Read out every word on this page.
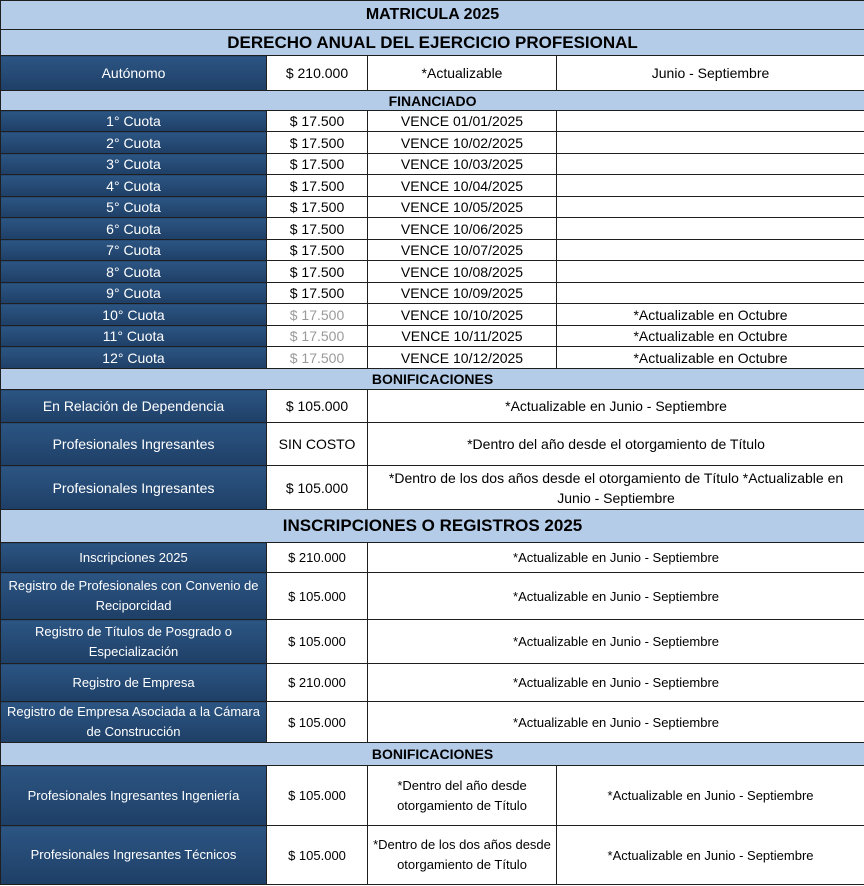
MATRICULA 2025			
DERECHO ANUAL DEL EJERCICIO PROFESIONAL			
Autónomo	$ 210.000	*Actualizable	Junio - Septiembre
FINANCIADO			
1° Cuota	$ 17.500	VENCE 01/01/2025	
2° Cuota	$ 17.500	VENCE 10/02/2025	
3° Cuota	$ 17.500	VENCE 10/03/2025	
4° Cuota	$ 17.500	VENCE 10/04/2025	
5° Cuota	$ 17.500	VENCE 10/05/2025	
6° Cuota	$ 17.500	VENCE 10/06/2025	
7° Cuota	$ 17.500	VENCE 10/07/2025	
8° Cuota	$ 17.500	VENCE 10/08/2025	
9° Cuota	$ 17.500	VENCE 10/09/2025	
10° Cuota	$ 17.500	VENCE 10/10/2025	*Actualizable en Octubre
11° Cuota	$ 17.500	VENCE 10/11/2025	*Actualizable en Octubre
12° Cuota	$ 17.500	VENCE 10/12/2025	*Actualizable en Octubre
BONIFICACIONES			
En Relación de Dependencia	$ 105.000	*Actualizable en Junio - Septiembre	
Profesionales Ingresantes	SIN COSTO	*Dentro del año desde el otorgamiento de Título	
Profesionales Ingresantes	$ 105.000	*Dentro de los dos años desde el otorgamiento de Título *Actualizable en Junio - Septiembre	
INSCRIPCIONES O REGISTROS 2025			
Inscripciones 2025	$ 210.000	*Actualizable en Junio - Septiembre	
Registro de Profesionales con Convenio de Reciporcidad	$ 105.000	*Actualizable en Junio - Septiembre	
Registro de Títulos de Posgrado o Especialización	$ 105.000	*Actualizable en Junio - Septiembre	
Registro de Empresa	$ 210.000	*Actualizable en Junio - Septiembre	
Registro de Empresa Asociada a la Cámara de Construcción	$ 105.000	*Actualizable en Junio - Septiembre	
BONIFICACIONES			
Profesionales Ingresantes Ingeniería	$ 105.000	*Dentro del año desde otorgamiento de Título	*Actualizable en Junio - Septiembre
Profesionales Ingresantes Técnicos	$ 105.000	*Dentro de los dos años desde otorgamiento de Título	*Actualizable en Junio - Septiembre
